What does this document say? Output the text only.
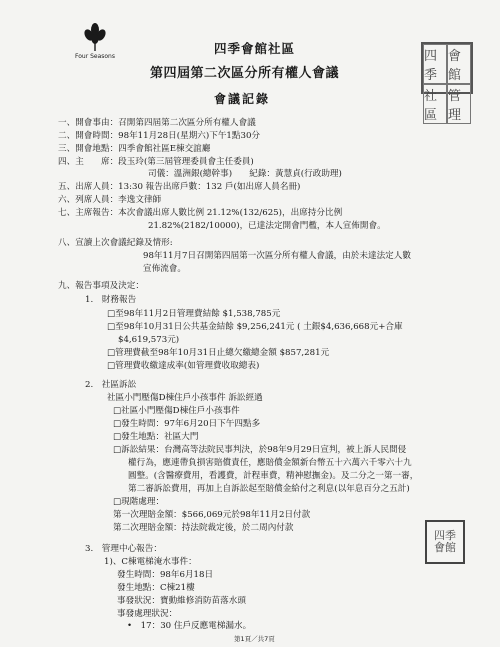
Four Seasons	四季
會館
社區
管理
四季會館社區
第四屆第二次區分所有權人會議
會議記錄
一、開會事由：召開第四屆第二次區分所有權人會議
二、開會時間：98年11月28日(星期六)下午1點30分
三、開會地點：四季會館社區E棟交誼廳
四、主　　席：段玉玲(第三屆管理委員會主任委員)
司儀：溫洲銀(總幹事)　　紀錄：黃慧貞(行政助理)
五、出席人員：13:30 報告出席戶數：132 戶(如出席人員名冊)
六、列席人員：李逸文律師
七、主席報告：本次會議出席人數比例 21.12%(132/625)，出席持分比例
21.82%(2182/10000)，已達法定開會門檻，本人宣佈開會。
八、宣讀上次會議紀錄及情形:
98年11月7日召開第四屆第一次區分所有權人會議，由於未達法定人數
宣佈流會。
九、報告事項及決定：
1.　財務報告
□至98年11月2日管理費結餘 $1,538,785元
□至98年10月31日公共基金結餘 $9,256,241元 ( 土銀$4,636,668元+合庫
$4,619,573元)
□管理費截至98年10月31日止總欠繳總金額 $857,281元
□管理費收繳達成率(如管理費收取總表)
2.　社區訴訟
社區小門壓傷D棟住戶小孩事件 訴訟經過
□社區小門壓傷D棟住戶小孩事件
□發生時間：97年6月20日下午四點多
□發生地點：社區大門
□訴訟結果：台灣高等法院民事判決，於98年9月29日宣判，被上訴人民間侵
權行為，應連帶負損害賠償責任，應賠償金額新台幣五十六萬六千零六十九
圓整。(含醫療費用，看護費，計程車費，精神慰撫金)。及二分之一第一審，
第二審訴訟費用，再加上自訴訟起至賠償金給付之利息(以年息百分之五計)
□現階處理：
第一次理賠金額：$566,069元於98年11月2日付款
第二次理賠金額：持法院裁定後，於二周內付款
四季
會館
3.　管理中心報告：
1)、C棟電梯淹水事件：
發生時間：98年6月18日
發生地點：C棟21樓
事發狀況：寶動維修消防苗落水頭
事發處理狀況：
•　17：30 住戶反應電梯漏水。
第1頁／共7頁
